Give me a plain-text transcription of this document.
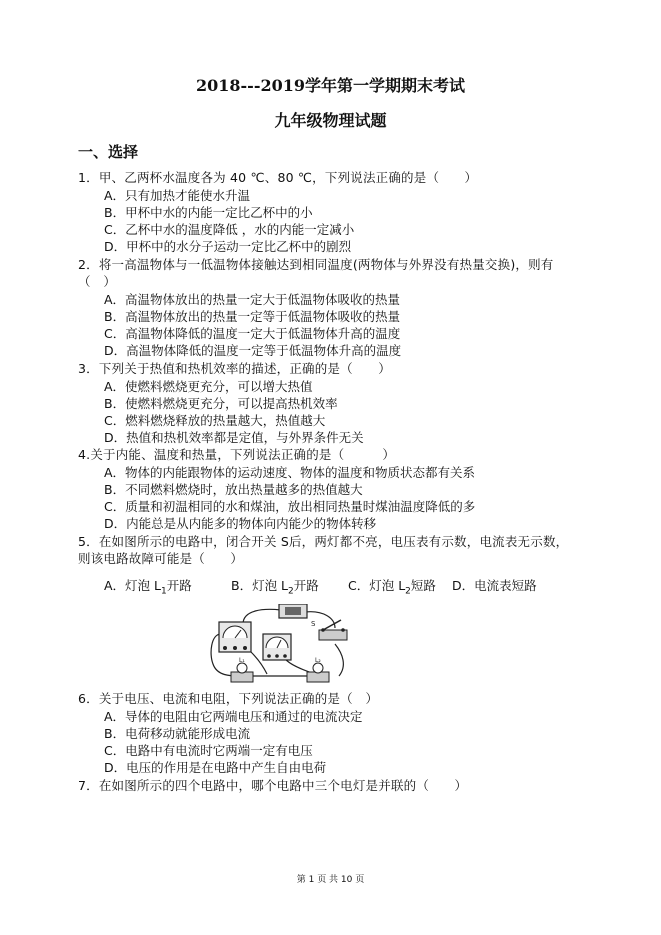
2018---2019学年第一学期期末考试
九年级物理试题
一、选择
1．甲、乙两杯水温度各为 40 ℃、80 ℃，下列说法正确的是（　　）
A．只有加热才能使水升温
B．甲杯中水的内能一定比乙杯中的小
C．乙杯中水的温度降低 ，水的内能一定减小
D．甲杯中的水分子运动一定比乙杯中的剧烈
2．将一高温物体与一低温物体接触达到相同温度(两物体与外界没有热量交换)，则有
（　）
A．高温物体放出的热量一定大于低温物体吸收的热量
B．高温物体放出的热量一定等于低温物体吸收的热量
C．高温物体降低的温度一定大于低温物体升高的温度
D．高温物体降低的温度一定等于低温物体升高的温度
3．下列关于热值和热机效率的描述，正确的是（　　）
A．使燃料燃烧更充分，可以增大热值
B．使燃料燃烧更充分，可以提高热机效率
C．燃料燃烧释放的热量越大，热值越大
D．热值和热机效率都是定值，与外界条件无关
4.关于内能、温度和热量，下列说法正确的是（　　　）
A．物体的内能跟物体的运动速度、物体的温度和物质状态都有关系
B．不同燃料燃烧时，放出热量越多的热值越大
C．质量和初温相同的水和煤油，放出相同热量时煤油温度降低的多
D．内能总是从内能多的物体向内能少的物体转移
5．在如图所示的电路中，闭合开关 S后，两灯都不亮，电压表有示数，电流表无示数，
则该电路故障可能是（　　）
A．灯泡 $L_1$开路	B．灯泡 $L_2$开路 C．灯泡 $L_2$短路 D．电流表短路
S
L₁	L₂
6．关于电压、电流和电阻，下列说法正确的是（　）
A．导体的电阻由它两端电压和通过的电流决定
B．电荷移动就能形成电流
C．电路中有电流时它两端一定有电压
D．电压的作用是在电路中产生自由电荷
7．在如图所示的四个电路中，哪个电路中三个电灯是并联的（　　）
第 1 页 共 10 页
